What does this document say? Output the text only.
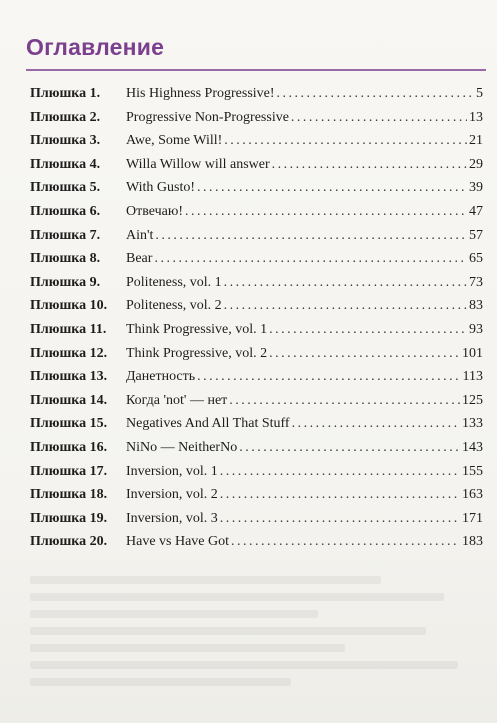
Оглавление
Плюшка 1.	His Highness Progressive! .....	5
Плюшка 2.	Progressive Non-Progressive .....	13
Плюшка 3.	Awe, Some Will! .....	21
Плюшка 4.	Willa Willow will answer .....	29
Плюшка 5.	With Gusto! .....	39
Плюшка 6.	Отвечаю! .....	47
Плюшка 7.	Ain't .....	57
Плюшка 8.	Bear .....	65
Плюшка 9.	Politeness, vol. 1 .....	73
Плюшка 10.	Politeness, vol. 2 .....	83
Плюшка 11.	Think Progressive, vol. 1 .....	93
Плюшка 12.	Think Progressive, vol. 2 .....	101
Плюшка 13.	Данетность .....	113
Плюшка 14.	Когда 'not' — нет .....	125
Плюшка 15.	Negatives And All That Stuff .....	133
Плюшка 16.	NiNo — NeitherNo .....	143
Плюшка 17.	Inversion, vol. 1 .....	155
Плюшка 18.	Inversion, vol. 2 .....	163
Плюшка 19.	Inversion, vol. 3 .....	171
Плюшка 20.	Have vs Have Got .....	183
